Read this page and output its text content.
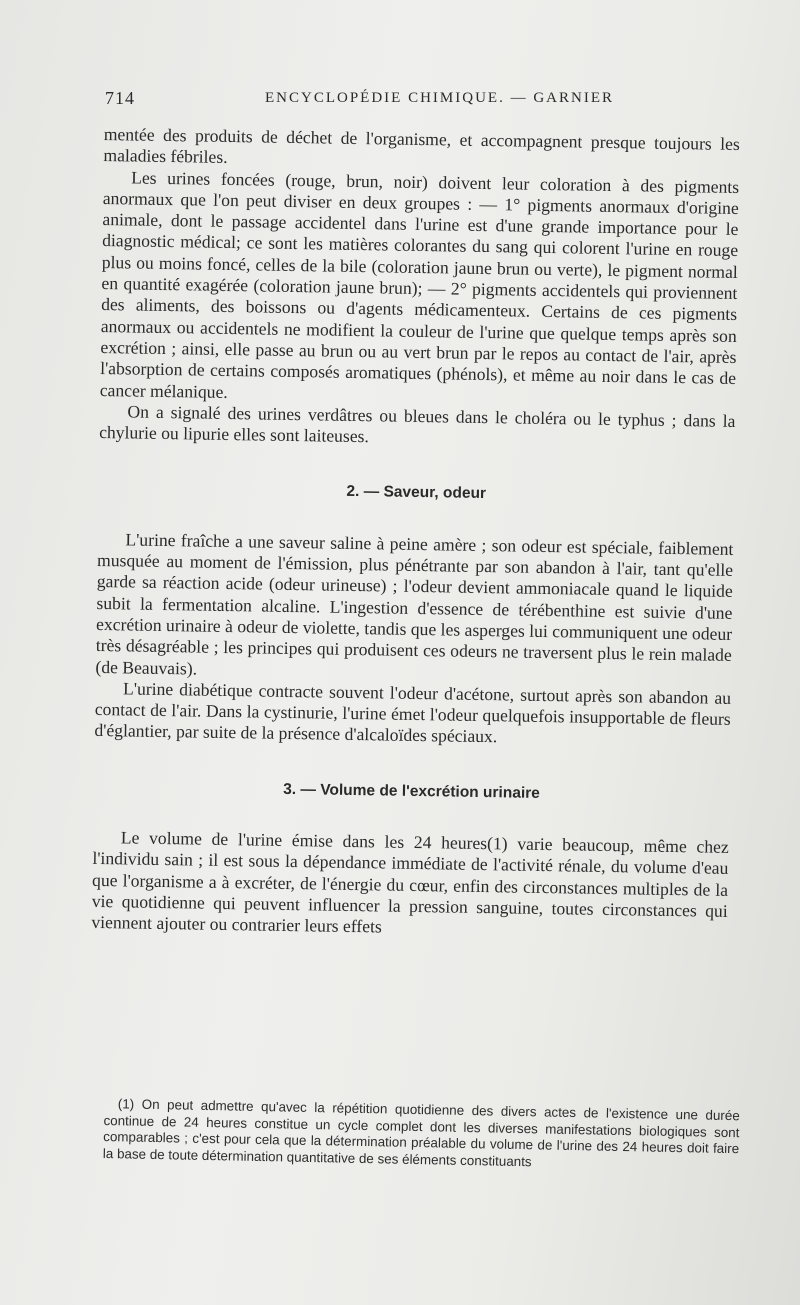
714	ENCYCLOPÉDIE CHIMIQUE. — GARNIER

mentée des produits de déchet de l'organisme, et accompagnent presque toujours les maladies fébriles.

Les urines foncées (rouge, brun, noir) doivent leur coloration à des pigments anormaux que l'on peut diviser en deux groupes : — 1° pigments anormaux d'origine animale, dont le passage accidentel dans l'urine est d'une grande importance pour le diagnostic médical; ce sont les matières colorantes du sang qui colorent l'urine en rouge plus ou moins foncé, celles de la bile (coloration jaune brun ou verte), le pigment normal en quantité exagérée (coloration jaune brun); — 2° pigments accidentels qui proviennent des aliments, des boissons ou d'agents médicamenteux. Certains de ces pigments anormaux ou accidentels ne modifient la couleur de l'urine que quelque temps après son excrétion ; ainsi, elle passe au brun ou au vert brun par le repos au contact de l'air, après l'absorption de certains composés aromatiques (phénols), et même au noir dans le cas de cancer mélanique.

On a signalé des urines verdâtres ou bleues dans le choléra ou le typhus ; dans la chylurie ou lipurie elles sont laiteuses.

2. — Saveur, odeur

L'urine fraîche a une saveur saline à peine amère ; son odeur est spéciale, faiblement musquée au moment de l'émission, plus pénétrante par son abandon à l'air, tant qu'elle garde sa réaction acide (odeur urineuse) ; l'odeur devient ammoniacale quand le liquide subit la fermentation alcaline. L'ingestion d'essence de térébenthine est suivie d'une excrétion urinaire à odeur de violette, tandis que les asperges lui communiquent une odeur très désagréable ; les principes qui produisent ces odeurs ne traversent plus le rein malade (de Beauvais).

L'urine diabétique contracte souvent l'odeur d'acétone, surtout après son abandon au contact de l'air. Dans la cystinurie, l'urine émet l'odeur quelquefois insupportable de fleurs d'églantier, par suite de la présence d'alcaloïdes spéciaux.

3. — Volume de l'excrétion urinaire

Le volume de l'urine émise dans les 24 heures(1) varie beaucoup, même chez l'individu sain ; il est sous la dépendance immédiate de l'activité rénale, du volume d'eau que l'organisme a à excréter, de l'énergie du cœur, enfin des circonstances multiples de la vie quotidienne qui peuvent influencer la pression sanguine, toutes circonstances qui viennent ajouter ou contrarier leurs effets

(1) On peut admettre qu'avec la répétition quotidienne des divers actes de l'existence une durée continue de 24 heures constitue un cycle complet dont les diverses manifestations biologiques sont comparables ; c'est pour cela que la détermination préalable du volume de l'urine des 24 heures doit faire la base de toute détermination quantitative de ses éléments constituants
